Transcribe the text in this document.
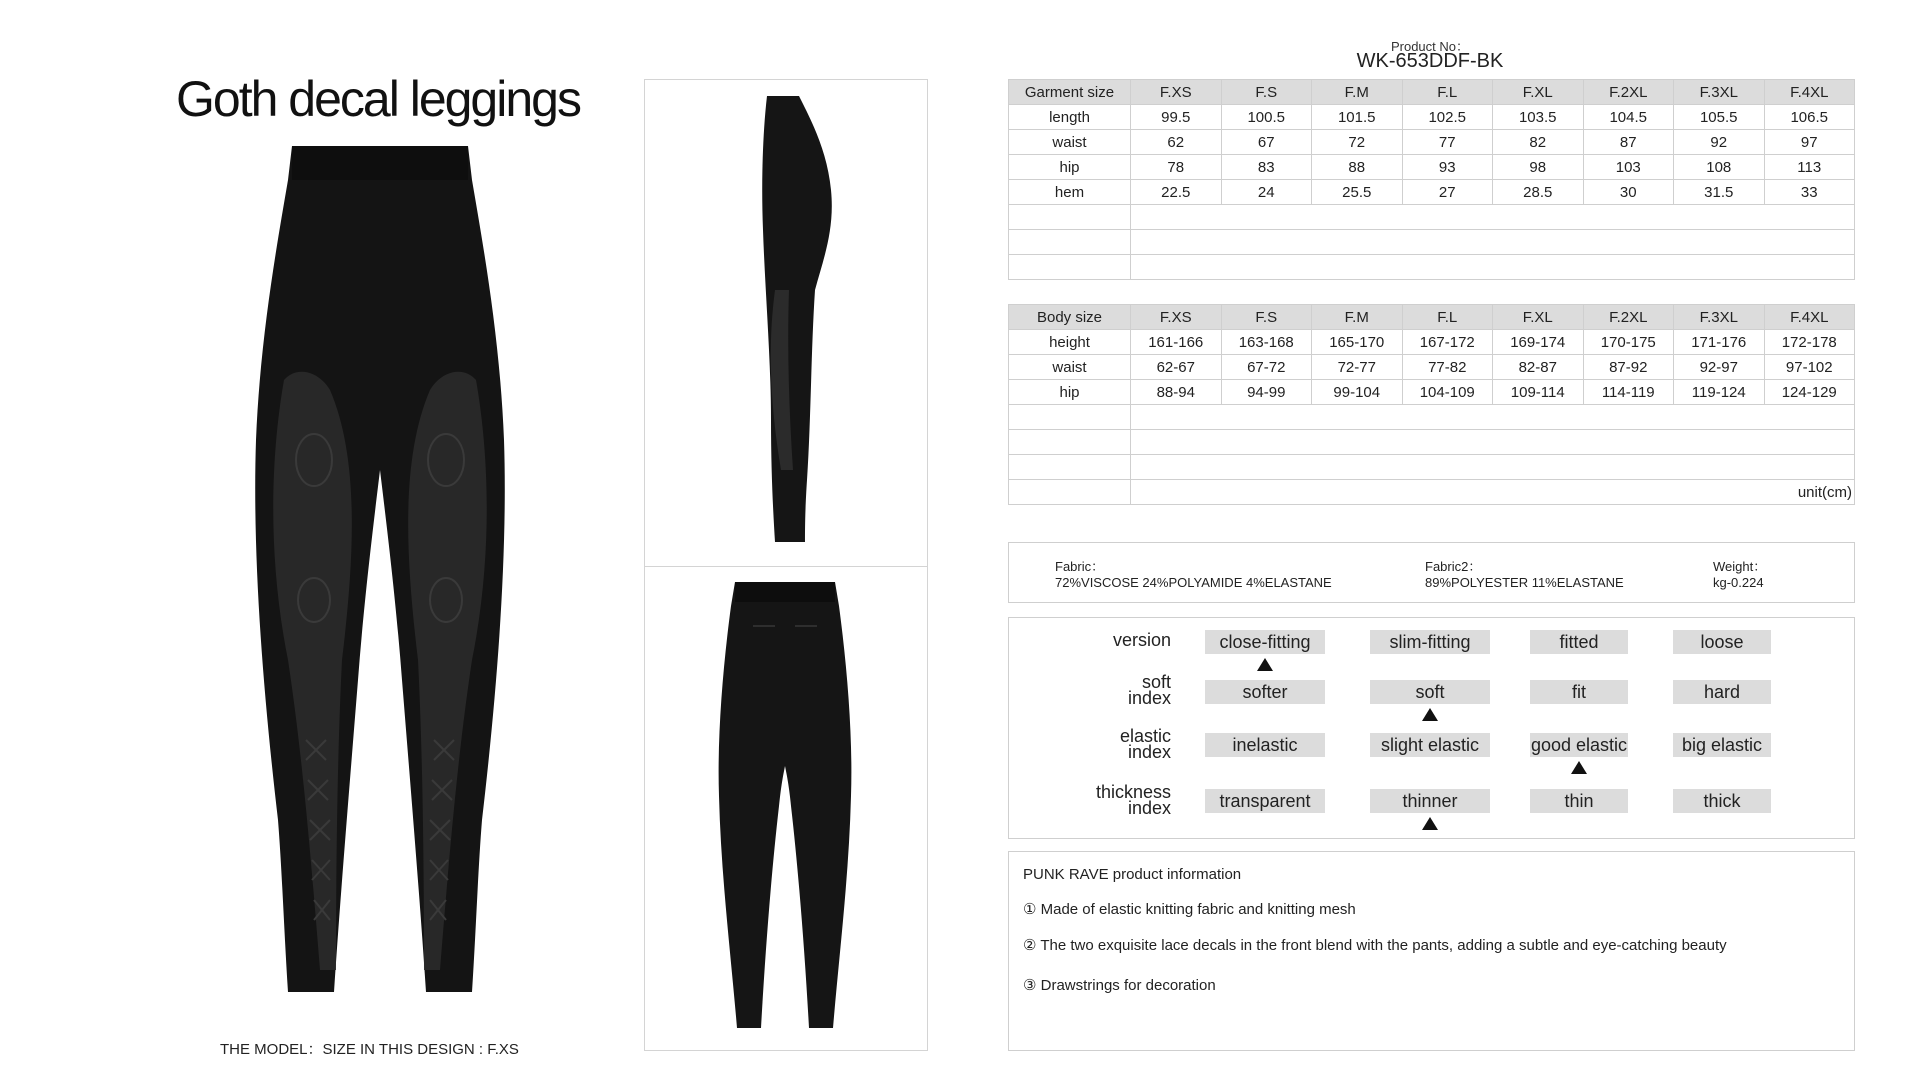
Goth decal leggings
THE MODEL：SIZE IN THIS DESIGN : F.XS
Product No：
WK-653DDF-BK
Garment size	F.XS	F.S	F.M	F.L	F.XL	F.2XL	F.3XL	F.4XL
length	99.5	100.5	101.5	102.5	103.5	104.5	105.5	106.5
waist	62	67	72	77	82	87	92	97
hip	78	83	88	93	98	103	108	113
hem	22.5	24	25.5	27	28.5	30	31.5	33

Body size	F.XS	F.S	F.M	F.L	F.XL	F.2XL	F.3XL	F.4XL
height	161-166	163-168	165-170	167-172	169-174	170-175	171-176	172-178
waist	62-67	67-72	72-77	77-82	82-87	87-92	92-97	97-102
hip	88-94	94-99	99-104	104-109	109-114	114-119	119-124	124-129

	unit(cm)							
Fabric：
72%VISCOSE 24%POLYAMIDE 4%ELASTANE
Fabric2：
89%POLYESTER 11%ELASTANE
Weight：
kg-0.224
version	close-fitting	slim-fitting	fitted	loose
soft
index	softer	soft	fit	hard
elastic
index	inelastic	slight elastic	good elastic	big elastic
thickness
index	transparent	thinner	thin	thick
PUNK RAVE product information
① Made of elastic knitting fabric and knitting mesh
② The two exquisite lace decals in the front blend with the pants, adding a subtle and eye-catching beauty
③ Drawstrings for decoration
